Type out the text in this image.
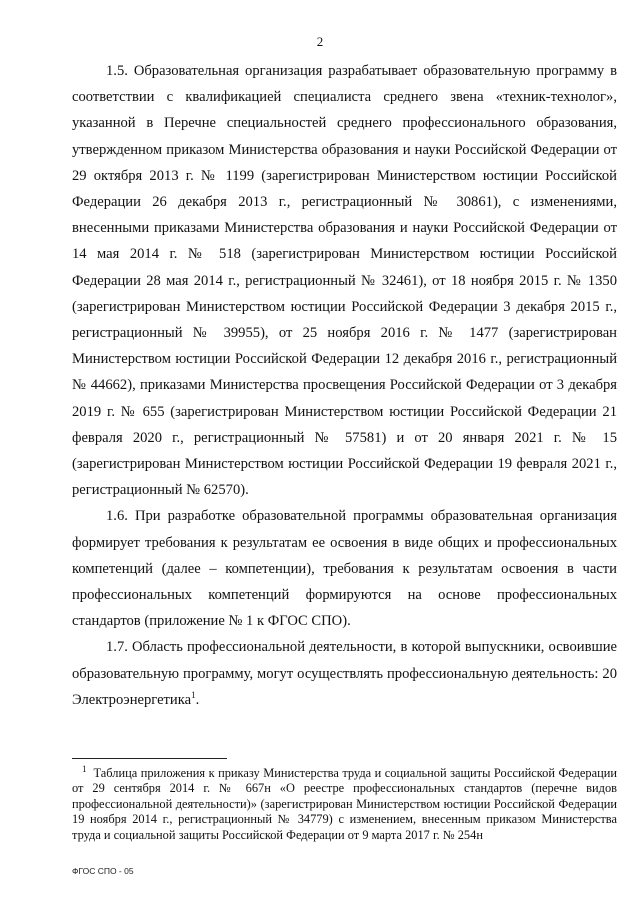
2

1.5. Образовательная организация разрабатывает образовательную программу в соответствии с квалификацией специалиста среднего звена «техник-технолог», указанной в Перечне специальностей среднего профессионального образования, утвержденном приказом Министерства образования и науки Российской Федерации от 29 октября 2013 г. № 1199 (зарегистрирован Министерством юстиции Российской Федерации 26 декабря 2013 г., регистрационный № 30861), с изменениями, внесенными приказами Министерства образования и науки Российской Федерации от 14 мая 2014 г. № 518 (зарегистрирован Министерством юстиции Российской Федерации 28 мая 2014 г., регистрационный № 32461), от 18 ноября 2015 г. № 1350 (зарегистрирован Министерством юстиции Российской Федерации 3 декабря 2015 г., регистрационный № 39955), от 25 ноября 2016 г. № 1477 (зарегистрирован Министерством юстиции Российской Федерации 12 декабря 2016 г., регистрационный № 44662), приказами Министерства просвещения Российской Федерации от 3 декабря 2019 г. № 655 (зарегистрирован Министерством юстиции Российской Федерации 21 февраля 2020 г., регистрационный № 57581) и от 20 января 2021 г. № 15 (зарегистрирован Министерством юстиции Российской Федерации 19 февраля 2021 г., регистрационный № 62570).

1.6. При разработке образовательной программы образовательная организация формирует требования к результатам ее освоения в виде общих и профессиональных компетенций (далее – компетенции), требования к результатам освоения в части профессиональных компетенций формируются на основе профессиональных стандартов (приложение № 1 к ФГОС СПО).

1.7. Область профессиональной деятельности, в которой выпускники, освоившие образовательную программу, могут осуществлять профессиональную деятельность: 20 Электроэнергетика$^1$.

$^1$ Таблица приложения к приказу Министерства труда и социальной защиты Российской Федерации от 29 сентября 2014 г. № 667н «О реестре профессиональных стандартов (перечне видов профессиональной деятельности)» (зарегистрирован Министерством юстиции Российской Федерации 19 ноября 2014 г., регистрационный № 34779) с изменением, внесенным приказом Министерства труда и социальной защиты Российской Федерации от 9 марта 2017 г. № 254н

ФГОС СПО - 05
